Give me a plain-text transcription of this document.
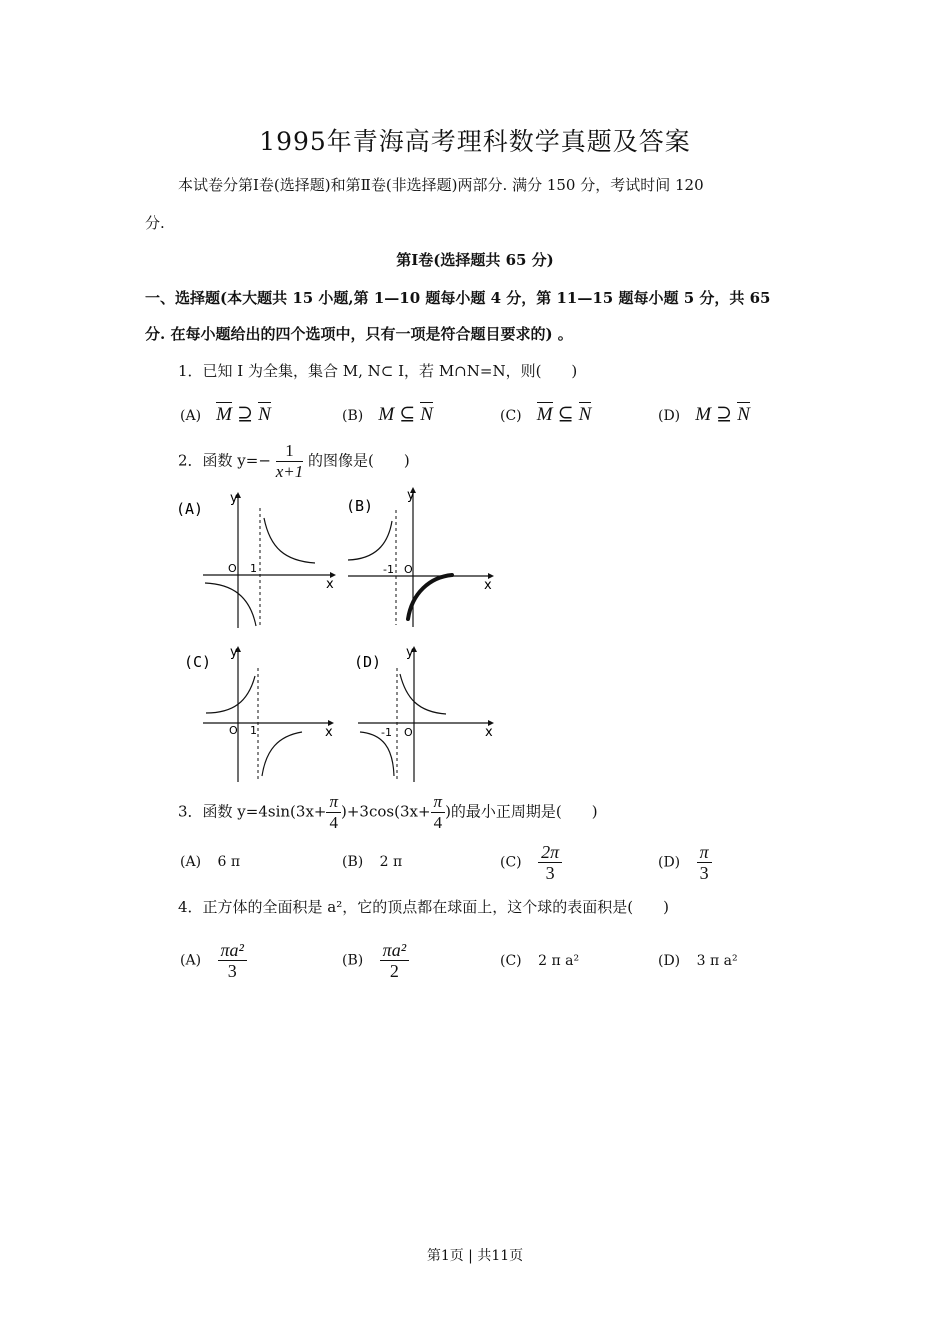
1995年青海高考理科数学真题及答案
本试卷分第Ⅰ卷(选择题)和第Ⅱ卷(非选择题)两部分. 满分 150 分，考试时间 120
分.
第Ⅰ卷(选择题共 65 分)
一、选择题(本大题共 15 小题,第 1—10 题每小题 4 分，第 11—15 题每小题 5 分，共 65
分. 在每小题给出的四个选项中，只有一项是符合题目要求的) 。
1．已知 I 为全集，集合 M, N⊂ I，若 M∩N=N，则(　　)
(A) M ⊇ N	(B) M ⊆ N	(C) M ⊆ N	(D) M ⊇ N
2．函数 $y=- \frac{1}{x+1}$ 的图像是(　　)
(A)
O 1
x
y	(B)
-1 O
x
y
(C)
O 1	x
y
(D)
-1 O	x
y
3．函数 $y=4\sin(3x+ \frac{\pi}{4} )+3\cos(3x+ \frac{\pi}{4}$ )的最小正周期是(　　)
(A) 6 π	(B) 2 π	$(C) \frac{2\pi}{3}$	$(D) \frac{\pi}{3}$
4．正方体的全面积是 a²，它的顶点都在球面上，这个球的表面积是(　　)
$(A) \frac{\text{πa²}}{3}$	$(B) \frac{\text{πa²}}{2}$	(C) 2 π a²	(D) 3 π a²
第1页 | 共11页
